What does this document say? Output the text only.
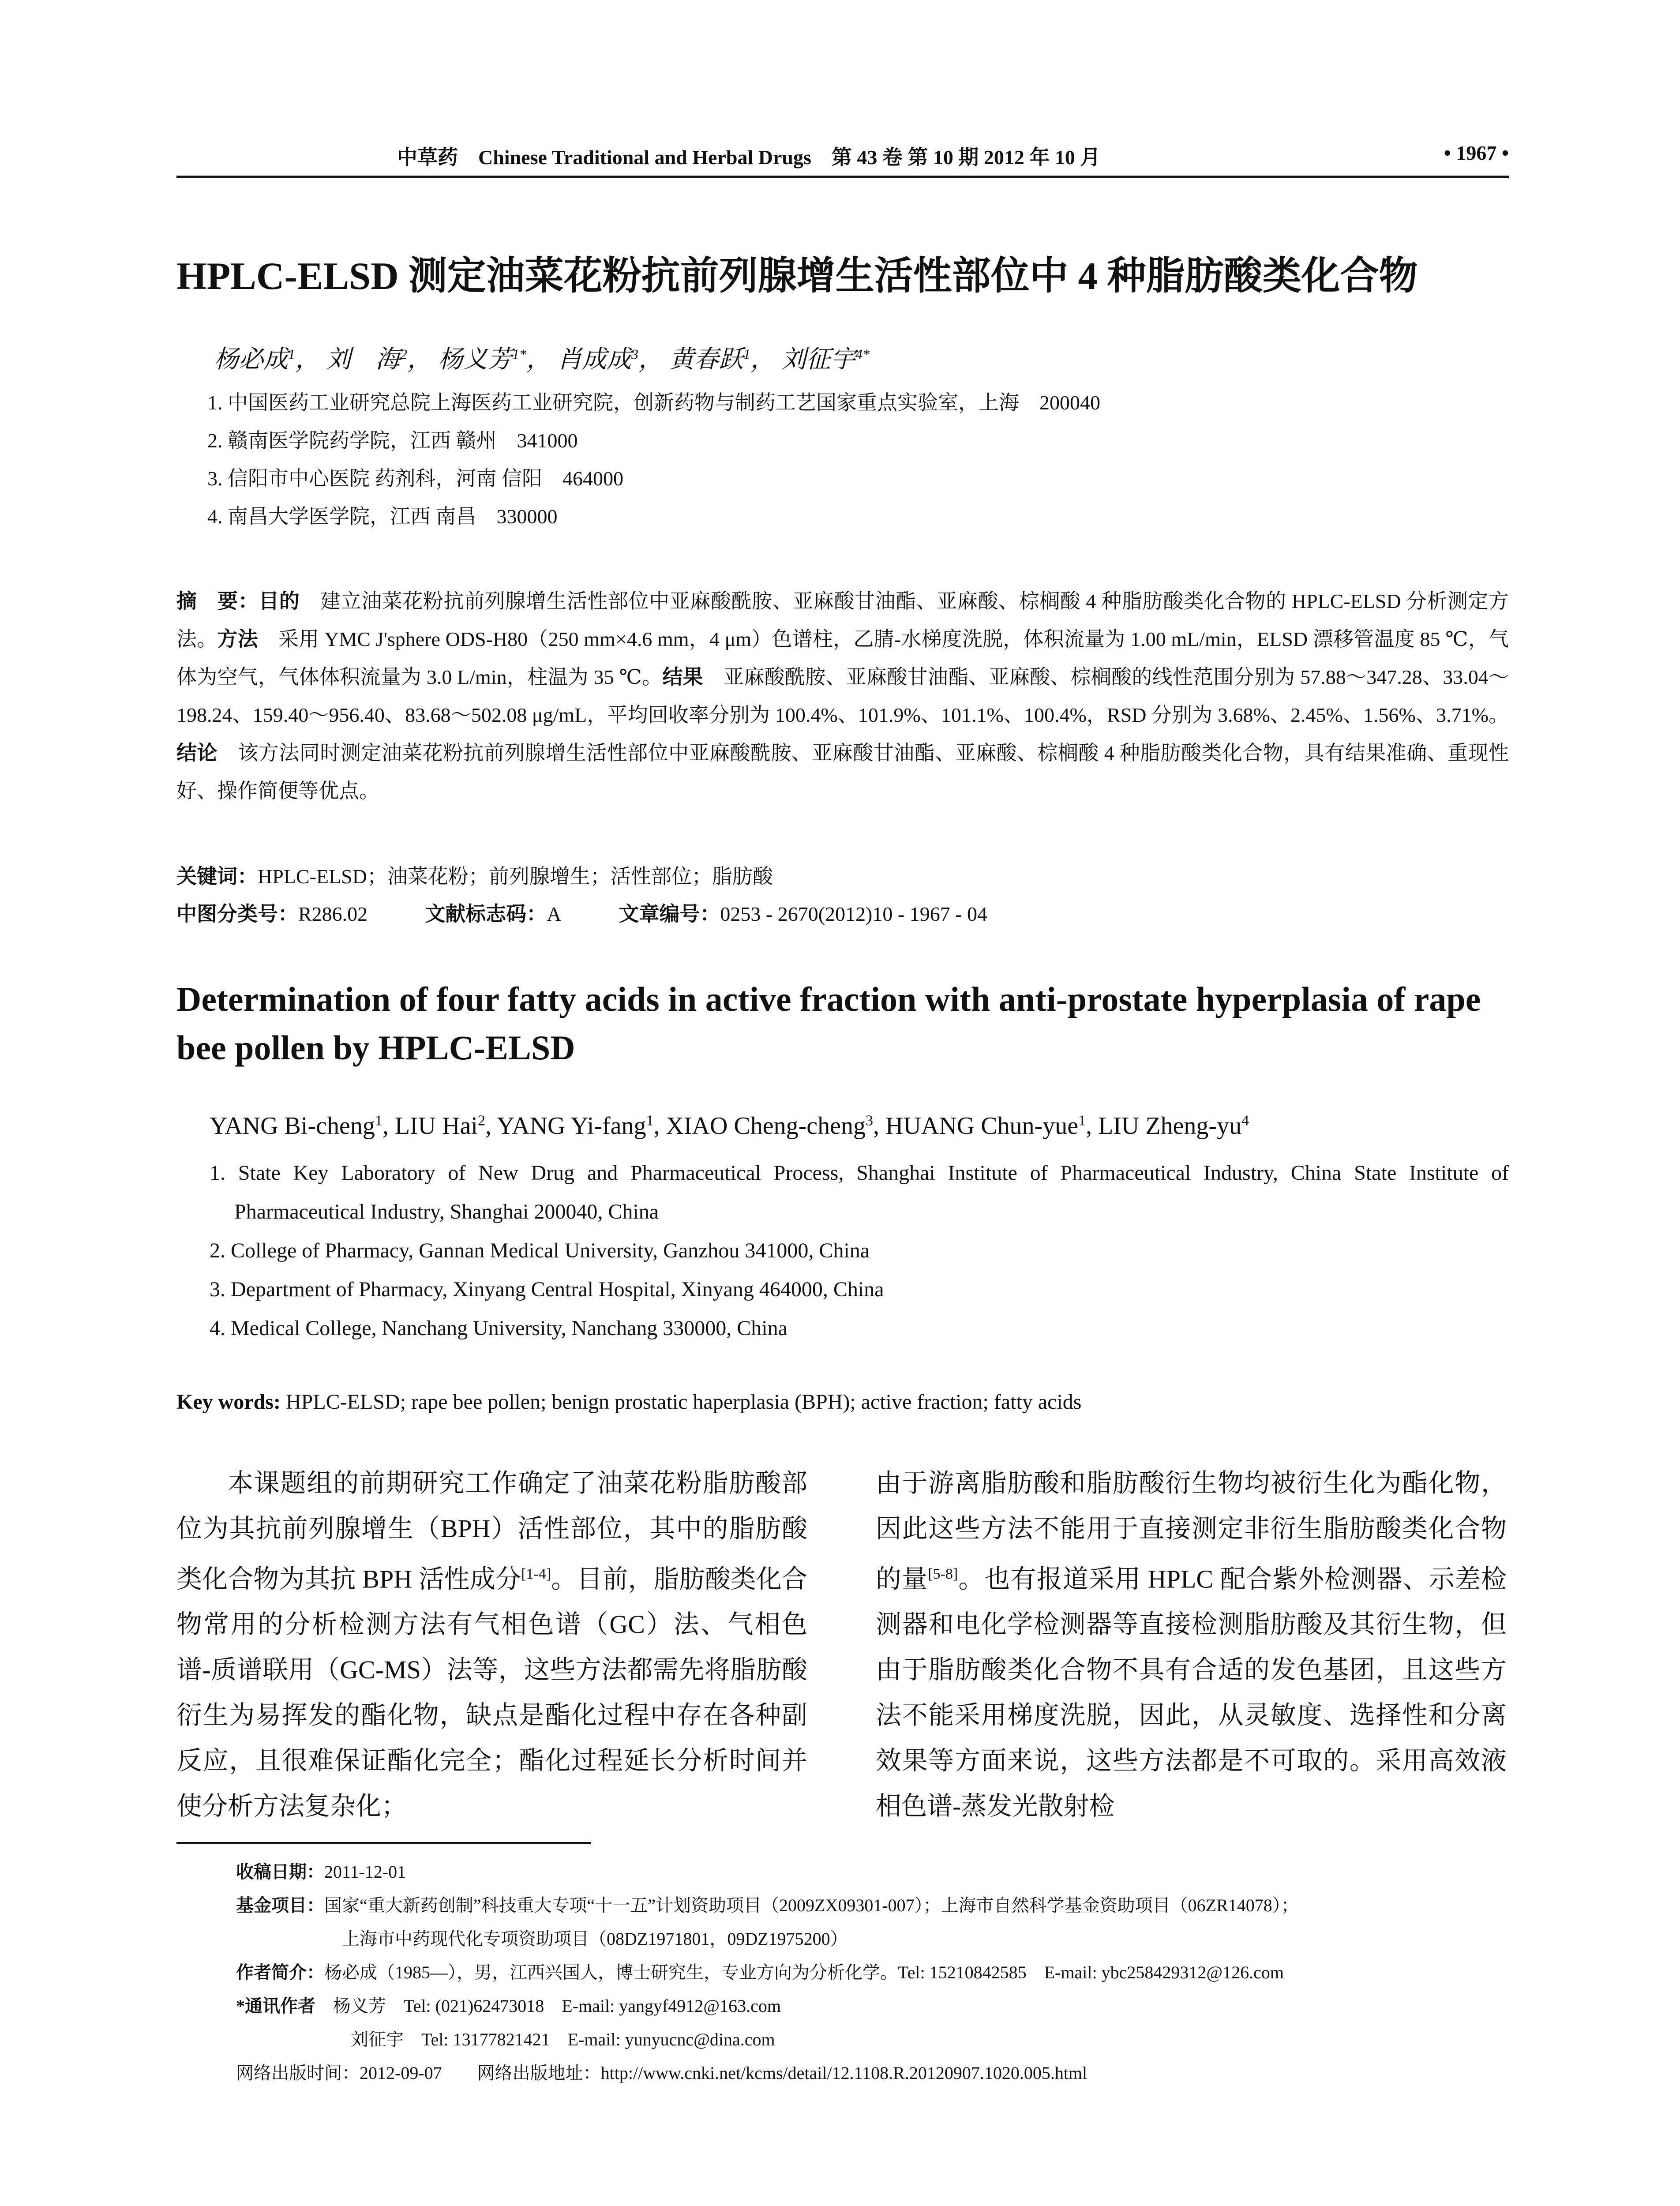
中草药　Chinese Traditional and Herbal Drugs　第 43 卷 第 10 期 2012 年 10 月	• 1967 •
HPLC-ELSD 测定油菜花粉抗前列腺增生活性部位中 4 种脂肪酸类化合物
杨必成$^1$， 刘　海$^2$， 杨义芳$^{1*}$， 肖成成$^3$， 黄春跃$^1$， 刘征宇$^{4*}$
1. 中国医药工业研究总院上海医药工业研究院，创新药物与制药工艺国家重点实验室，上海　200040
2. 赣南医学院药学院，江西 赣州　341000
3. 信阳市中心医院 药剂科，河南 信阳　464000
4. 南昌大学医学院，江西 南昌　330000
摘　要：目的　建立油菜花粉抗前列腺增生活性部位中亚麻酸酰胺、亚麻酸甘油酯、亚麻酸、棕榈酸 4 种脂肪酸类化合物的 HPLC-ELSD 分析测定方法。方法　采用 YMC J'sphere ODS-H80（250 mm×4.6 mm，4 μm）色谱柱，乙腈-水梯度洗脱，体积流量为 1.00 mL/min，ELSD 漂移管温度 85 ℃，气体为空气，气体体积流量为 3.0 L/min，柱温为 35 ℃。结果　亚麻酸酰胺、亚麻酸甘油酯、亚麻酸、棕榈酸的线性范围分别为 57.88～347.28、33.04～198.24、159.40～956.40、83.68～502.08 μg/mL，平均回收率分别为 100.4%、101.9%、101.1%、100.4%，RSD 分别为 3.68%、2.45%、1.56%、3.71%。结论　该方法同时测定油菜花粉抗前列腺增生活性部位中亚麻酸酰胺、亚麻酸甘油酯、亚麻酸、棕榈酸 4 种脂肪酸类化合物，具有结果准确、重现性好、操作简便等优点。
关键词：HPLC-ELSD；油菜花粉；前列腺增生；活性部位；脂肪酸
中图分类号：R286.02	文献标志码：A	文章编号：0253 - 2670(2012)10 - 1967 - 04
Determination of four fatty acids in active fraction with anti-prostate hyperplasia of rape bee pollen by HPLC-ELSD
YANG Bi-cheng$^1$, LIU Hai$^2$, YANG Yi-fang$^1$, XIAO Cheng-cheng$^3$, HUANG Chun-yue$^1$, LIU Zheng-$yu^4$
1. State Key Laboratory of New Drug and Pharmaceutical Process, Shanghai Institute of Pharmaceutical Industry, China State Institute of Pharmaceutical Industry, Shanghai 200040, China
2. College of Pharmacy, Gannan Medical University, Ganzhou 341000, China
3. Department of Pharmacy, Xinyang Central Hospital, Xinyang 464000, China
4. Medical College, Nanchang University, Nanchang 330000, China
Key words: HPLC-ELSD; rape bee pollen; benign prostatic haperplasia (BPH); active fraction; fatty acids

本课题组的前期研究工作确定了油菜花粉脂肪酸部位为其抗前列腺增生（BPH）活性部位，其中的脂肪酸类化合物为其抗 BPH 活性成分[1-4]。目前，脂肪酸类化合物常用的分析检测方法有气相色谱（GC）法、气相色谱-质谱联用（GC-MS）法等，这些方法都需先将脂肪酸衍生为易挥发的酯化物，缺点是酯化过程中存在各种副反应，且很难保证酯化完全；酯化过程延长分析时间并使分析方法复杂化；

由于游离脂肪酸和脂肪酸衍生物均被衍生化为酯化物，因此这些方法不能用于直接测定非衍生脂肪酸类化合物的量[5-8]。也有报道采用 HPLC 配合紫外检测器、示差检测器和电化学检测器等直接检测脂肪酸及其衍生物，但由于脂肪酸类化合物不具有合适的发色基团，且这些方法不能采用梯度洗脱，因此，从灵敏度、选择性和分离效果等方面来说，这些方法都是不可取的。采用高效液相色谱-蒸发光散射检

收稿日期：2011-12-01
基金项目：国家“重大新药创制”科技重大专项“十一五”计划资助项目（2009ZX09301-007）；上海市自然科学基金资助项目（06ZR14078）；
上海市中药现代化专项资助项目（08DZ1971801，09DZ1975200）
作者简介：杨必成（1985—），男，江西兴国人，博士研究生，专业方向为分析化学。Tel: 15210842585　E-mail: ybc258429312@126.com
*通讯作者　杨义芳　Tel: (021)62473018　E-mail: yangyf4912@163.com
刘征宇　Tel: 13177821421　E-mail: yunyucnc@dina.com
网络出版时间：2012-09-07　　网络出版地址：http://www.cnki.net/kcms/detail/12.1108.R.20120907.1020.005.html
